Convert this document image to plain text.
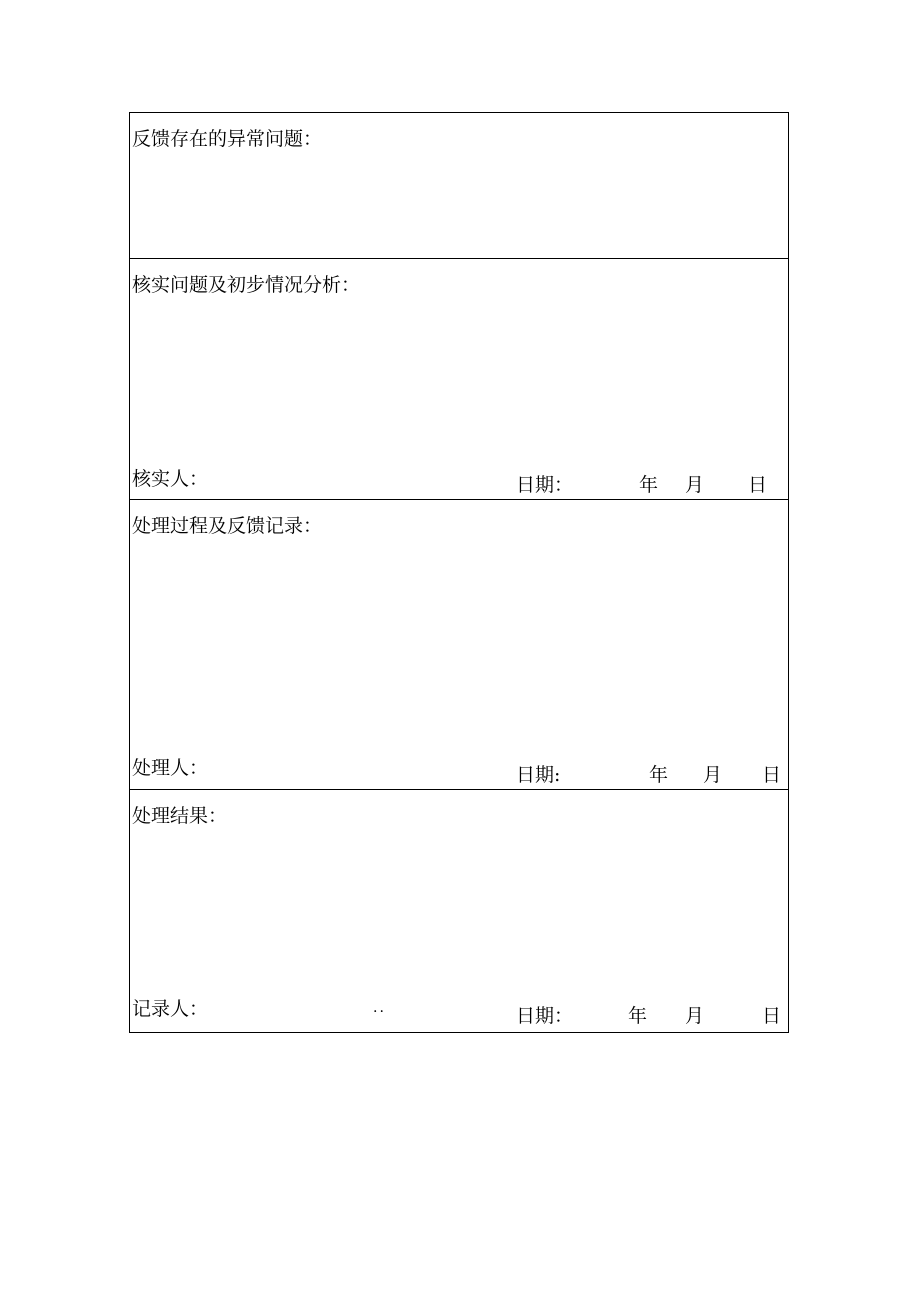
反馈存在的异常问题：
核实问题及初步情况分析：
核实人：	日期：	年 月 日
处理过程及反馈记录：
处理人：	日期:	年 月 日
处理结果：
记录人：	..	日期：	年 月	日
